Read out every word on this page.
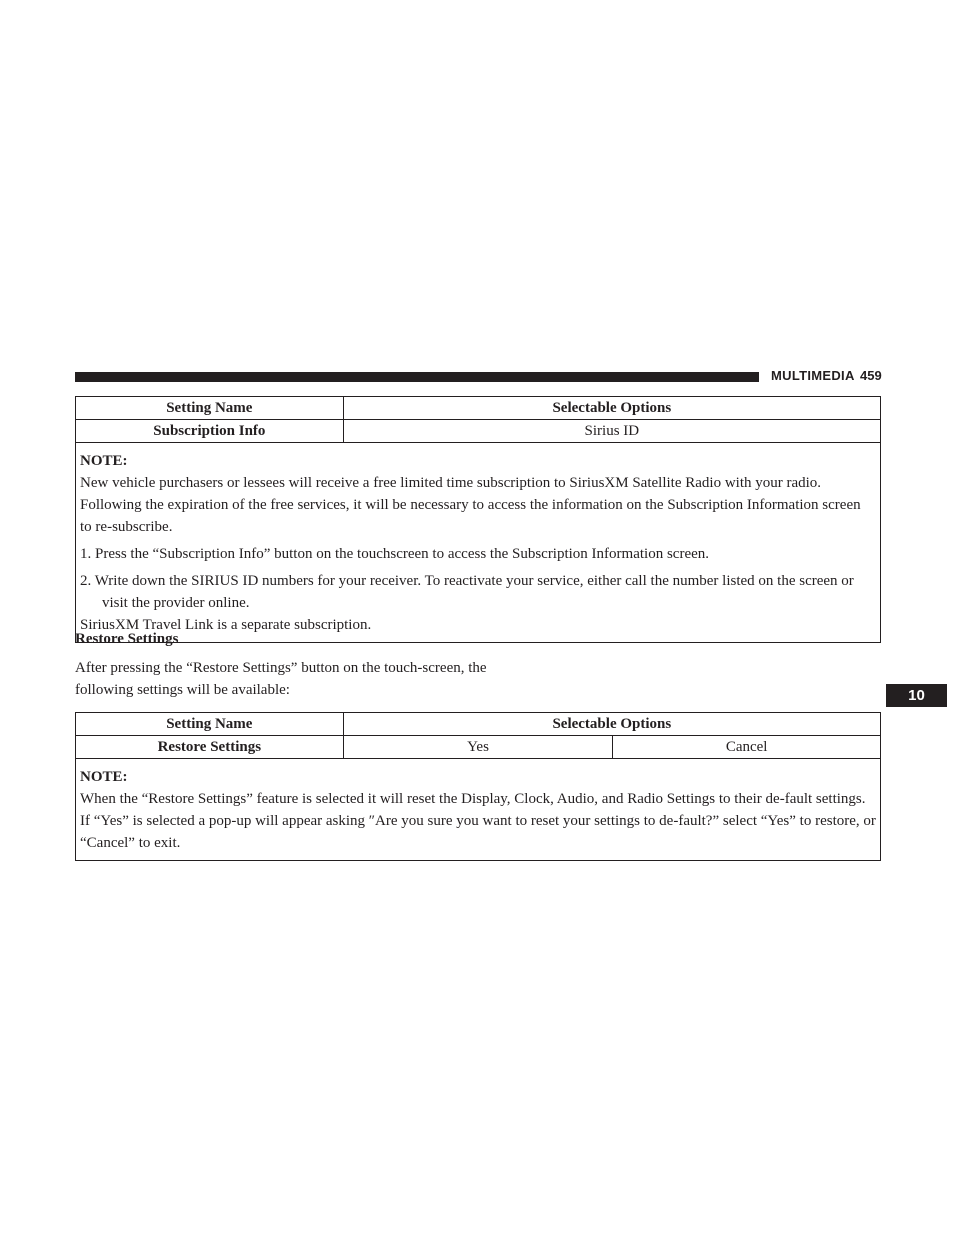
MULTIMEDIA 459
10
Setting Name	Selectable Options
Subscription Info	Sirius ID

NOTE:
New vehicle purchasers or lessees will receive a free limited time subscription to SiriusXM Satellite Radio with your radio. Following the expiration of the free services, it will be necessary to access the information on the Subscription Information screen to re-subscribe.
1. Press the “Subscription Info” button on the touchscreen to access the Subscription Information screen.
2. Write down the SIRIUS ID numbers for your receiver. To reactivate your service, either call the number listed on the screen or visit the provider online.
SiriusXM Travel Link is a separate subscription.	

Restore Settings

After pressing the “Restore Settings” button on the touch-screen, the following settings will be available:

Setting Name	Selectable Options	
Restore Settings	Yes	Cancel

NOTE:
When the “Restore Settings” feature is selected it will reset the Display, Clock, Audio, and Radio Settings to their de-fault settings. If “Yes” is selected a pop-up will appear asking ″Are you sure you want to reset your settings to de-fault?” select “Yes” to restore, or “Cancel” to exit.		
